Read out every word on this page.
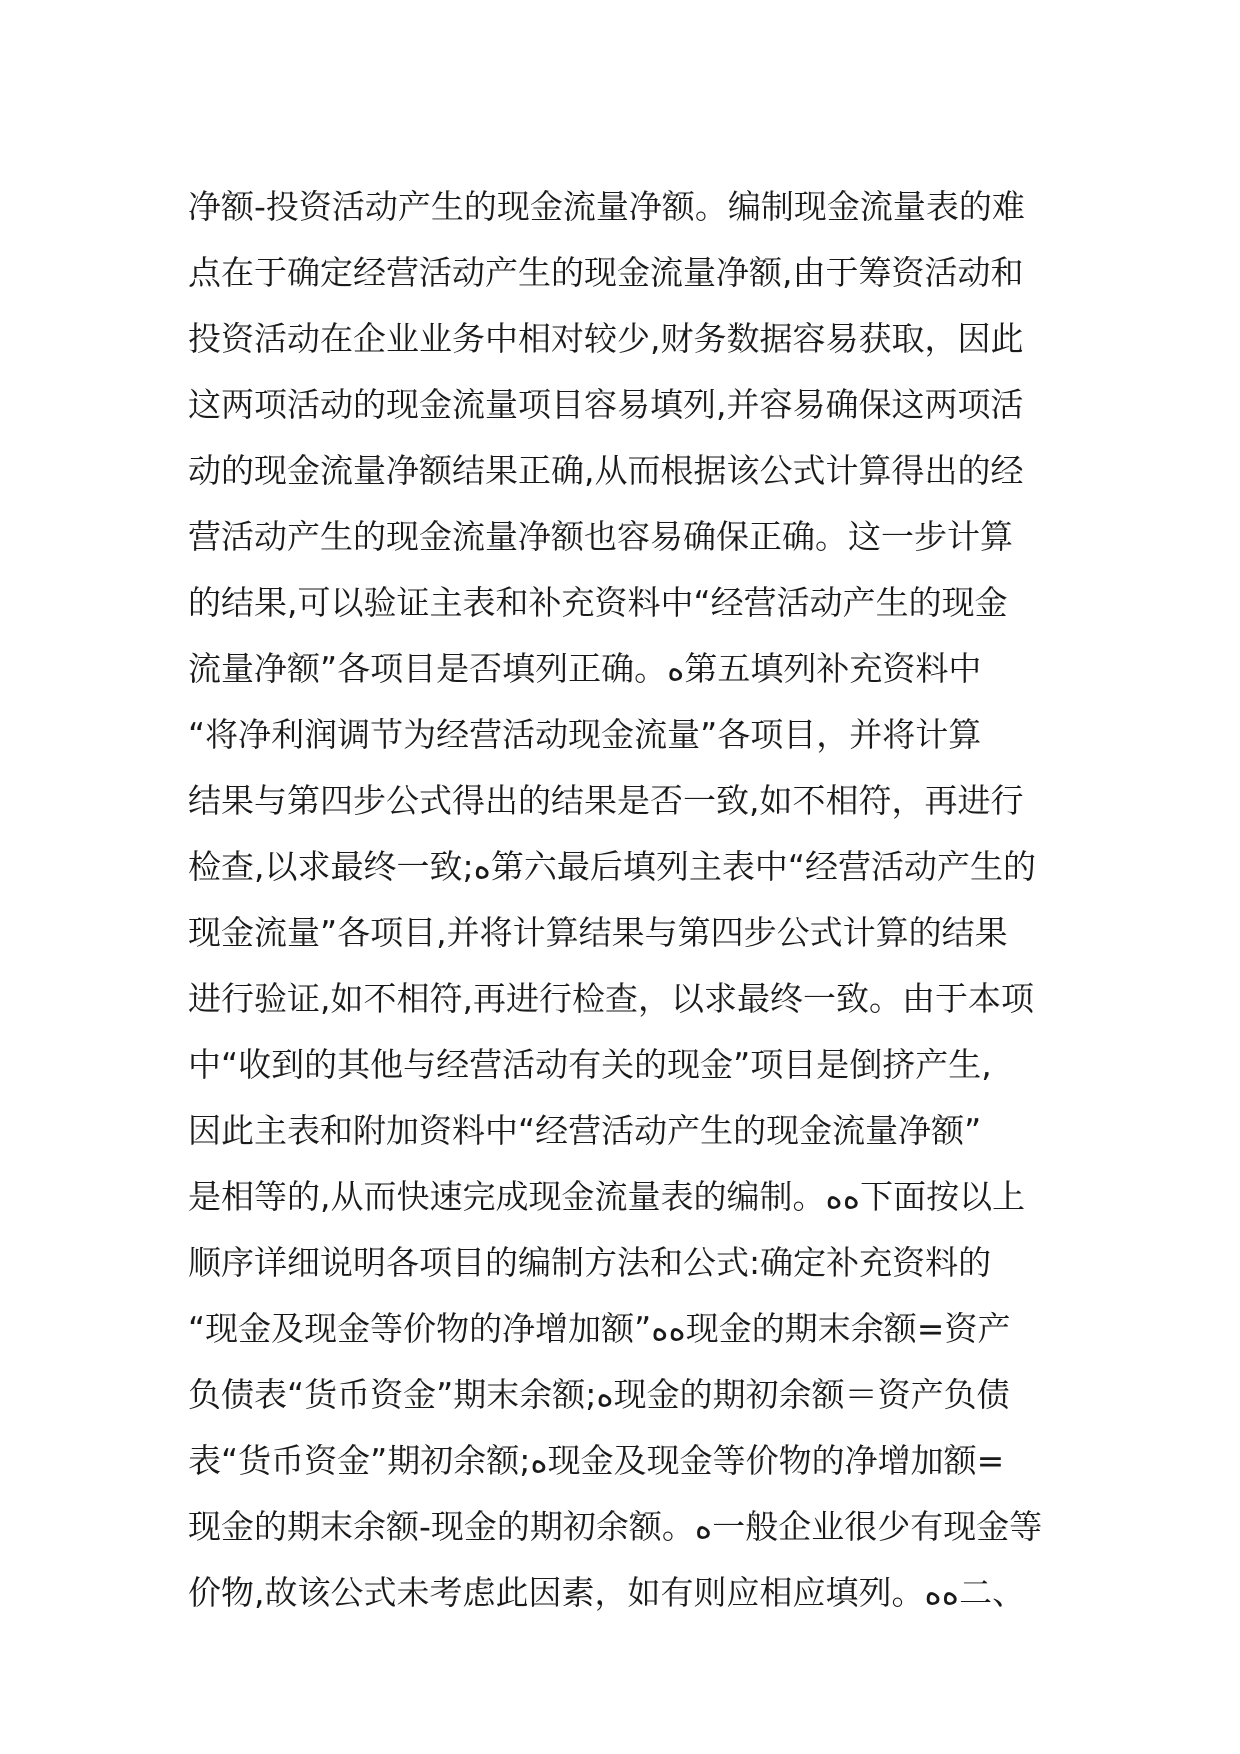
净额-投资活动产生的现金流量净额。编制现金流量表的难
点在于确定经营活动产生的现金流量净额,由于筹资活动和
投资活动在企业业务中相对较少,财务数据容易获取，因此
这两项活动的现金流量项目容易填列,并容易确保这两项活
动的现金流量净额结果正确,从而根据该公式计算得出的经
营活动产生的现金流量净额也容易确保正确。这一步计算
的结果,可以验证主表和补充资料中“经营活动产生的现金
流量净额”各项目是否填列正确。ﻩ第五填列补充资料中
“将净利润调节为经营活动现金流量”各项目，并将计算
结果与第四步公式得出的结果是否一致,如不相符，再进行
检查,以求最终一致;ﻩ第六最后填列主表中“经营活动产生的
现金流量”各项目,并将计算结果与第四步公式计算的结果
进行验证,如不相符,再进行检查，以求最终一致。由于本项
中“收到的其他与经营活动有关的现金”项目是倒挤产生,
因此主表和附加资料中“经营活动产生的现金流量净额”
是相等的,从而快速完成现金流量表的编制。ﻩﻩ下面按以上
顺序详细说明各项目的编制方法和公式:确定补充资料的
“现金及现金等价物的净增加额”ﻩﻩ现金的期末余额=资产
负债表“货币资金”期末余额;ﻩ现金的期初余额＝资产负债
表“货币资金”期初余额;ﻩ现金及现金等价物的净增加额=
现金的期末余额-现金的期初余额。ﻩ一般企业很少有现金等
价物,故该公式未考虑此因素，如有则应相应填列。ﻩﻩ二、
